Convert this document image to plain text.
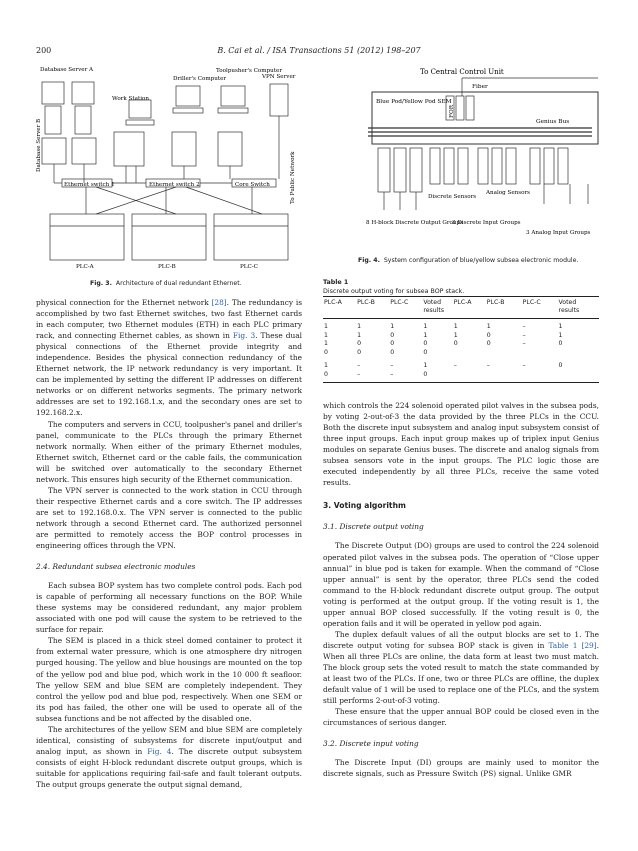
200	B. Cai et al. / ISA Transactions 51 (2012) 198–207
Database Server A
Work Station
Driller's Computer
Toolpusher's Computer
VPN Server
Database Server B
Ethernet switch 1	Ethernet switch 2	Core Switch	To Public Network
PLC-A	PLC-B	PLC-C
Fig. 3. Architecture of dual redundant Ethernet.
To Central Control Unit
Fiber
Blue Pod/Yellow Pod SEM
FOR
Genius Bus
Discrete Sensors
Analog Sensors
8 H-block Discrete Output Groups
3 Discrete Input Groups
3 Analog Input Groups
Fig. 4. System configuration of blue/yellow subsea electronic module.
Table 1
Discrete output voting for subsea BOP stack.
PLC-A	PLC-B	PLC-C	Voted results	PLC-A	PLC-B	PLC-C	Voted results
1	1	1	1	1	1	–	1
1	1	0	1	1	0	–	1
1	0	0	0	0	0	–	0
0	0	0	0				
1	–	–	1	–	–	–	0
0	–	–	0				

physical connection for the Ethernet network [28]. The redundancy is accomplished by two fast Ethernet switches, two fast Ethernet cards in each computer, two Ethernet modules (ETH) in each PLC primary rack, and connecting Ethernet cables, as shown in Fig. 3. These dual physical connections of the Ethernet provide integrity and independence. Besides the physical connection redundancy of the Ethernet network, the IP network redundancy is very important. It can be implemented by setting the different IP addresses on different networks or on different networks segments. The primary network addresses are set to 192.168.1.x, and the secondary ones are set to 192.168.2.x.

The computers and servers in CCU, toolpusher's panel and driller's panel, communicate to the PLCs through the primary Ethernet network normally. When either of the primary Ethernet modules, Ethernet switch, Ethernet card or the cable fails, the communication will be switched over automatically to the secondary Ethernet network. This ensures high security of the Ethernet communication.

The VPN server is connected to the work station in CCU through their respective Ethernet cards and a core switch. The IP addresses are set to 192.168.0.x. The VPN server is connected to the public network through a second Ethernet card. The authorized personnel are permitted to remotely access the BOP control processes in engineering offices through the VPN.

2.4. Redundant subsea electronic modules

Each subsea BOP system has two complete control pods. Each pod is capable of performing all necessary functions on the BOP. While these systems may be considered redundant, any major problem associated with one pod will cause the system to be retrieved to the surface for repair.

The SEM is placed in a thick steel domed container to protect it from external water pressure, which is one atmosphere dry nitrogen purged housing. The yellow and blue housings are mounted on the top of the yellow pod and blue pod, which work in the 10 000 ft seafloor. The yellow SEM and blue SEM are completely independent. They control the yellow pod and blue pod, respectively. When one SEM or its pod has failed, the other one will be used to operate all of the subsea functions and be not affected by the disabled one.

The architectures of the yellow SEM and blue SEM are completely identical, consisting of subsystems for discrete input/output and analog input, as shown in Fig. 4. The discrete output subsystem consists of eight H-block redundant discrete output groups, which is suitable for applications requiring fail-safe and fault tolerant outputs. The output groups generate the output signal demand,

which controls the 224 solenoid operated pilot valves in the subsea pods, by voting 2-out-of-3 the data provided by the three PLCs in the CCU. Both the discrete input subsystem and analog input subsystem consist of three input groups. Each input group makes up of triplex input Genius modules on separate Genius buses. The discrete and analog signals from subsea sensors vote in the input groups. The PLC logic those are executed independently by all three PLCs, receive the same voted results.

3. Voting algorithm
3.1. Discrete output voting

The Discrete Output (DO) groups are used to control the 224 solenoid operated pilot valves in the subsea pods. The operation of “Close upper annual” in blue pod is taken for example. When the command of “Close upper annual” is sent by the operator, three PLCs send the coded command to the H-block redundant discrete output group. The output voting is performed at the output group. If the voting result is 1, the upper annual BOP closed successfully. If the voting result is 0, the operation fails and it will be operated in yellow pod again.

The duplex default values of all the output blocks are set to 1. The discrete output voting for subsea BOP stack is given in Table 1 [29]. When all three PLCs are online, the data form at least two must match. The block group sets the voted result to match the state commanded by at least two of the PLCs. If one, two or three PLCs are offline, the duplex default value of 1 will be used to replace one of the PLCs, and the system still performs 2-out-of-3 voting.

These ensure that the upper annual BOP could be closed even in the circumstances of serious danger.

3.2. Discrete input voting

The Discrete Input (DI) groups are mainly used to monitor the discrete signals, such as Pressure Switch (PS) signal. Unlike GMR
